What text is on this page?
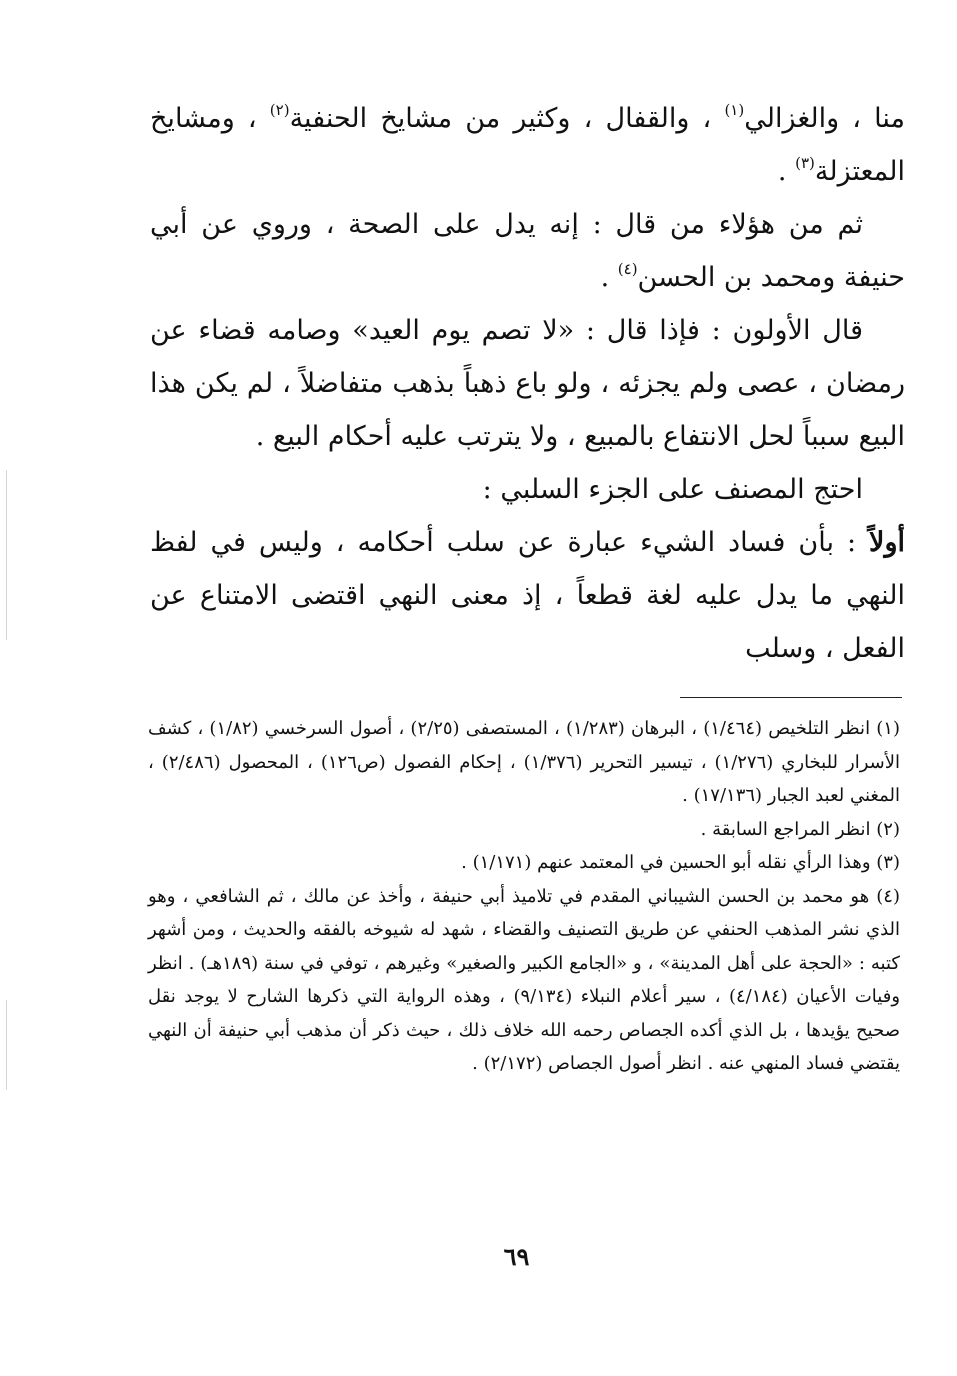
منا ، والغزالي$^{(١)}$ ، والقفال ، وكثير من مشايخ الحنفية$^{(٢)}$ ، ومشايخ المعتزلة$^{(٣)}$ .

ثم من هؤلاء من قال : إنه يدل على الصحة ، وروي عن أبي حنيفة ومحمد بن الحسن$^{(٤)}$ .

قال الأولون : فإذا قال : «لا تصم يوم العيد» وصامه قضاء عن رمضان ، عصى ولم يجزئه ، ولو باع ذهباً بذهب متفاضلاً ، لم يكن هذا البيع سبباً لحل الانتفاع بالمبيع ، ولا يترتب عليه أحكام البيع .

احتج المصنف على الجزء السلبي :

أولاً : بأن فساد الشيء عبارة عن سلب أحكامه ، وليس في لفظ النهي ما يدل عليه لغة قطعاً ، إذ معنى النهي اقتضى الامتناع عن الفعل ، وسلب

(١) انظر التلخيص (١/٤٦٤) ، البرهان (١/٢٨٣) ، المستصفى (٢/٢٥) ، أصول السرخسي (١/٨٢) ، كشف الأسرار للبخاري (١/٢٧٦) ، تيسير التحرير (١/٣٧٦) ، إحكام الفصول (ص١٢٦) ، المحصول (٢/٤٨٦) ، المغني لعبد الجبار (١٧/١٣٦) .

(٢) انظر المراجع السابقة .

(٣) وهذا الرأي نقله أبو الحسين في المعتمد عنهم (١/١٧١) .

(٤) هو محمد بن الحسن الشيباني المقدم في تلاميذ أبي حنيفة ، وأخذ عن مالك ، ثم الشافعي ، وهو الذي نشر المذهب الحنفي عن طريق التصنيف والقضاء ، شهد له شيوخه بالفقه والحديث ، ومن أشهر كتبه : «الحجة على أهل المدينة» ، و «الجامع الكبير والصغير» وغيرهم ، توفي في سنة (١٨٩هـ) . انظر وفيات الأعيان (٤/١٨٤) ، سير أعلام النبلاء (٩/١٣٤) ، وهذه الرواية التي ذكرها الشارح لا يوجد نقل صحيح يؤيدها ، بل الذي أكده الجصاص رحمه الله خلاف ذلك ، حيث ذكر أن مذهب أبي حنيفة أن النهي يقتضي فساد المنهي عنه . انظر أصول الجصاص (٢/١٧٢) .

٦٩
